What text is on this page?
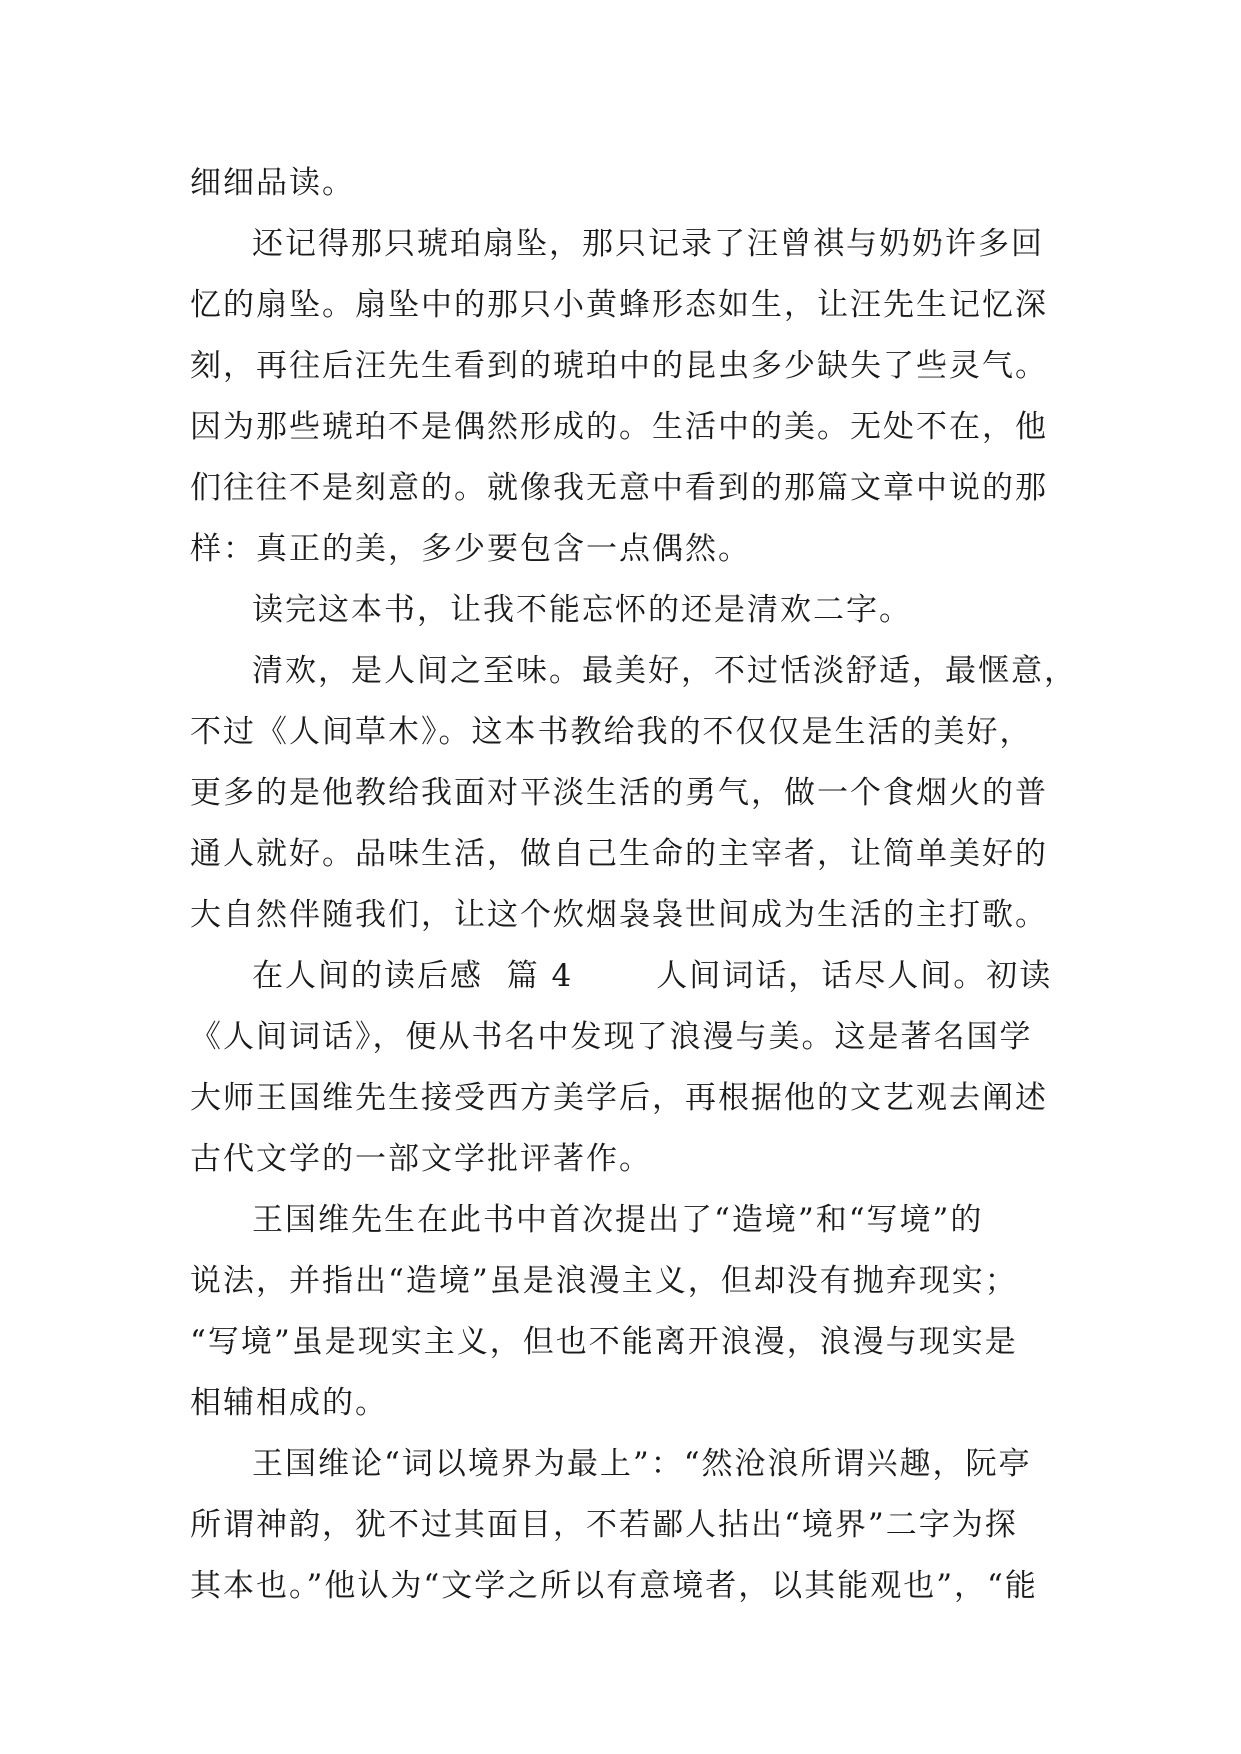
细细品读。
还记得那只琥珀扇坠，那只记录了汪曾祺与奶奶许多回
忆的扇坠。扇坠中的那只小黄蜂形态如生，让汪先生记忆深
刻，再往后汪先生看到的琥珀中的昆虫多少缺失了些灵气。
因为那些琥珀不是偶然形成的。生活中的美。无处不在，他
们往往不是刻意的。就像我无意中看到的那篇文章中说的那
样：真正的美，多少要包含一点偶然。
读完这本书，让我不能忘怀的还是清欢二字。
清欢，是人间之至味。最美好，不过恬淡舒适，最惬意，
不过《人间草木》。这本书教给我的不仅仅是生活的美好，
更多的是他教给我面对平淡生活的勇气，做一个食烟火的普
通人就好。品味生活，做自己生命的主宰者，让简单美好的
大自然伴随我们，让这个炊烟袅袅世间成为生活的主打歌。
在人间的读后感  篇 4       人间词话，话尽人间。初读
《人间词话》，便从书名中发现了浪漫与美。这是著名国学
大师王国维先生接受西方美学后，再根据他的文艺观去阐述
古代文学的一部文学批评著作。
王国维先生在此书中首次提出了“造境”和“写境”的
说法，并指出“造境”虽是浪漫主义，但却没有抛弃现实；
“写境”虽是现实主义，但也不能离开浪漫，浪漫与现实是
相辅相成的。
王国维论“词以境界为最上”：“然沧浪所谓兴趣，阮亭
所谓神韵，犹不过其面目，不若鄙人拈出“境界”二字为探
其本也。”他认为“文学之所以有意境者，以其能观也”，“能
